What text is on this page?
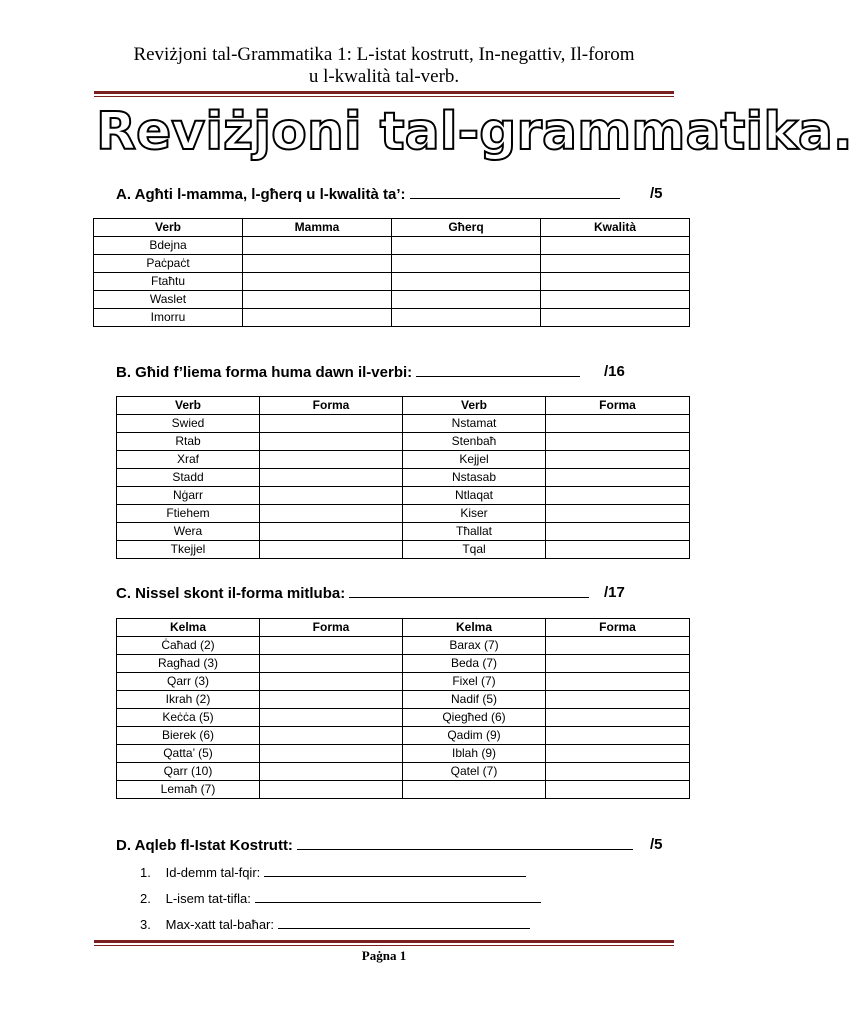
Reviżjoni tal-Grammatika 1: L-istat kostrutt, In-negattiv, Il-forom
u l-kwalità tal-verb.
Reviżjoni tal-grammatika.
A. Agħti l-mamma, l-għerq u l-kwalità ta’:	/5
Verb	Mamma	Għerq	Kwalità
Bdejna			
Paċpaċt			
Ftaħtu			
Waslet			
Imorru			
B. Għid f’liema forma huma dawn il-verbi:	/16
Verb	Forma	Verb	Forma
Swied		Nstamat	
Rtab		Stenbaħ	
Xraf		Kejjel	
Stadd		Nstasab	
Nġarr		Ntlaqat	
Ftiehem		Kiser	
Wera		Tħallat	
Tkejjel		Tqal	
C. Nissel skont il-forma mitluba:	/17
Kelma	Forma	Kelma	Forma
Ċaħad (2)		Barax (7)	
Ragħad (3)		Beda (7)	
Qarr (3)		Fixel (7)	
Ikrah (2)		Nadif (5)	
Keċċa (5)		Qiegħed (6)	
Bierek (6)		Qadim (9)	
Qatta’ (5)		Iblah (9)	
Qarr (10)		Qatel (7)	
Lemaħ (7)			
D. Aqleb fl-Istat Kostrutt:	/5
1. Id-demm tal-fqir:
2. L-isem tat-tifla:
3. Max-xatt tal-baħar:
Paġna 1
